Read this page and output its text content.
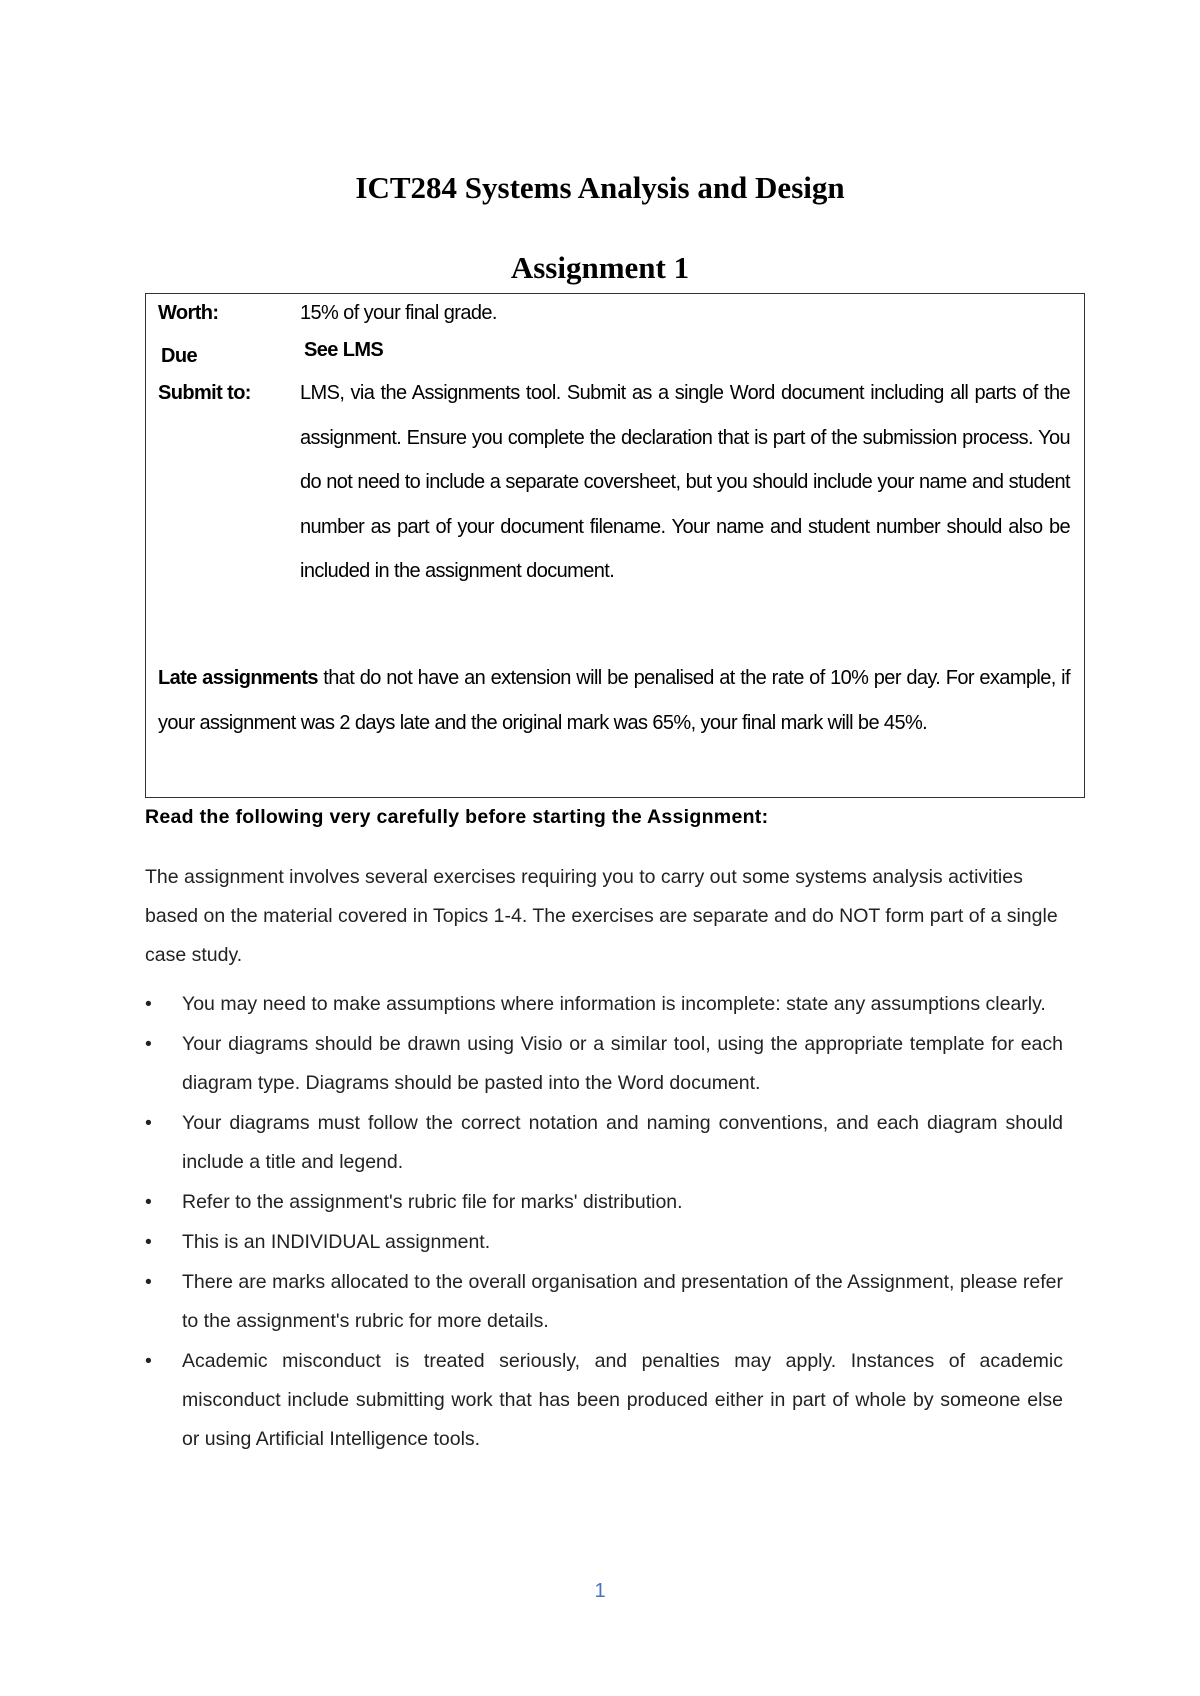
ICT284 Systems Analysis and Design
Assignment 1
Worth:	15% of your final grade.
Due	See LMS
Submit to: LMS, via the Assignments tool. Submit as a single Word document including all parts of the assignment. Ensure you complete the declaration that is part of the submission process. You do not need to include a separate coversheet, but you should include your name and student number as part of your document filename. Your name and student number should also be included in the assignment document.
Late assignments that do not have an extension will be penalised at the rate of 10% per day. For example, if your assignment was 2 days late and the original mark was 65%, your final mark will be 45%.
Read the following very carefully before starting the Assignment:
The assignment involves several exercises requiring you to carry out some systems analysis activities based on the material covered in Topics 1-4. The exercises are separate and do NOT form part of a single case study.
• You may need to make assumptions where information is incomplete: state any assumptions clearly.
• Your diagrams should be drawn using Visio or a similar tool, using the appropriate template for each diagram type. Diagrams should be pasted into the Word document.
• Your diagrams must follow the correct notation and naming conventions, and each diagram should include a title and legend.
• Refer to the assignment's rubric file for marks' distribution.
• This is an INDIVIDUAL assignment.
• There are marks allocated to the overall organisation and presentation of the Assignment, please refer to the assignment's rubric for more details.
• Academic misconduct is treated seriously, and penalties may apply. Instances of academic misconduct include submitting work that has been produced either in part of whole by someone else or using Artificial Intelligence tools.
1
